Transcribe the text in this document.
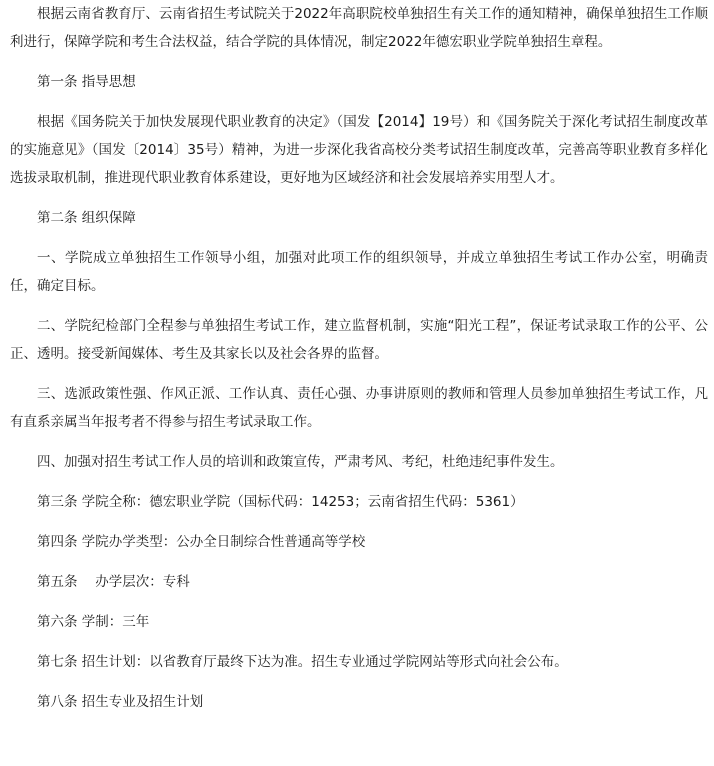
根据云南省教育厅、云南省招生考试院关于2022年高职院校单独招生有关工作的通知精神，确保单独招生工作顺利进行，保障学院和考生合法权益，结合学院的具体情况，制定2022年德宏职业学院单独招生章程。

第一条 指导思想

根据《国务院关于加快发展现代职业教育的决定》（国发【2014】19号）和《国务院关于深化考试招生制度改革的实施意见》（国发〔2014〕35号）精神，为进一步深化我省高校分类考试招生制度改革，完善高等职业教育多样化选拔录取机制，推进现代职业教育体系建设，更好地为区域经济和社会发展培养实用型人才。

第二条 组织保障

一、学院成立单独招生工作领导小组，加强对此项工作的组织领导，并成立单独招生考试工作办公室，明确责任，确定目标。

二、学院纪检部门全程参与单独招生考试工作，建立监督机制，实施“阳光工程”，保证考试录取工作的公平、公正、透明。接受新闻媒体、考生及其家长以及社会各界的监督。

三、选派政策性强、作风正派、工作认真、责任心强、办事讲原则的教师和管理人员参加单独招生考试工作，凡有直系亲属当年报考者不得参与招生考试录取工作。

四、加强对招生考试工作人员的培训和政策宣传，严肃考风、考纪，杜绝违纪事件发生。

第三条 学院全称：德宏职业学院（国标代码：14253；云南省招生代码：5361）

第四条 学院办学类型：公办全日制综合性普通高等学校

第五条　 办学层次：专科

第六条 学制：三年

第七条 招生计划：以省教育厅最终下达为准。招生专业通过学院网站等形式向社会公布。

第八条 招生专业及招生计划
